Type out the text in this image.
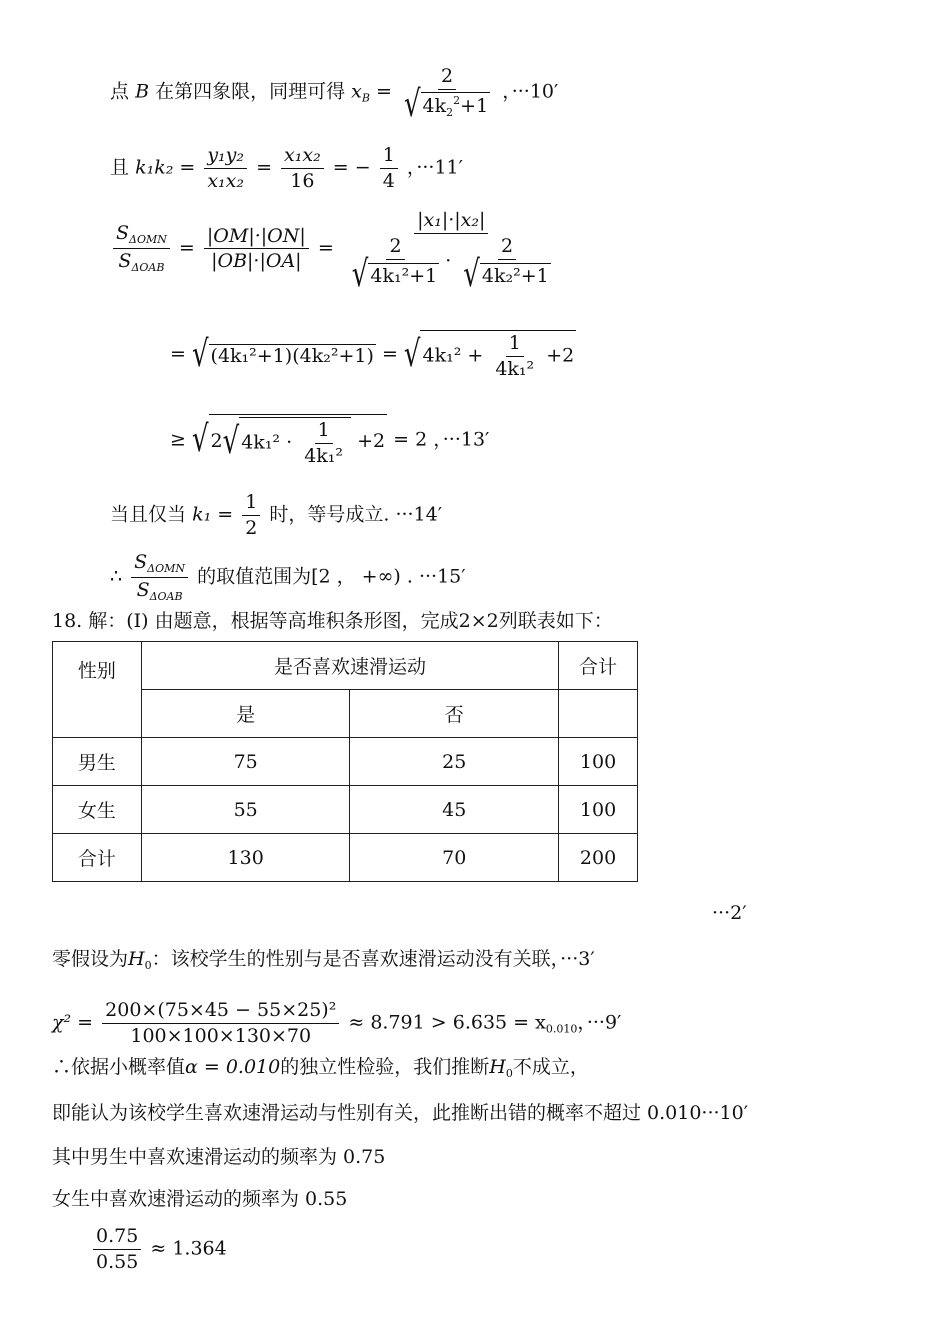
点 B 在第四象限，同理可得 $x_B = \frac{2}{√ 4k_2^2+1}$ ，···10′
且 $k_1k_2 = \frac{\text{y₁y₂}}{\text{x₁x₂}} = \frac{\text{x₁x₂}}{16}$ = − $\frac{1}{4}$ ，···11′
$\frac{S_{\Delta OMN}}{S_{\Delta OAB}} = \frac{|OM|\cdot|ON|}{|OB|\cdot|OA|} = \frac{\text{|x₁|·|x₂|}}{\frac{2}{\text{√ 4k₁²+1}} \cdot \frac{2}{\text{√ 4k₂²+1}}}$
= √ (4k₁²+1)(4k₂²+1) = √ $4k_1^2 + \frac{1}{\text{4k₁²}} +2$
≥ √ 2√ $4k_1^2 \cdot \frac{1}{\text{4k₁²}} +2 = 2$ ，···13′
当且仅当 $k_1 = \frac{1}{2}$ 时，等号成立. ···14′
∴ $\frac{S_{\Delta OMN}}{S_{\Delta OAB}}$ 的取值范围为[2 ， +∞) . ···15′
18. 解：(Ⅰ) 由题意，根据等高堆积条形图，完成2×2列联表如下：
性别	是否喜欢速滑运动		合计
	是	否	
男生	75	25	100
女生	55	45	100
合计	130	70	200
···2′
零假设为$H_0$：该校学生的性别与是否喜欢速滑运动没有关联，···3′
$\chi^2 = \frac{\text{200×(75×45 − 55×25)²}}{100\times 100\times 130\times 70} \approx 8.791 > 6.635 = x_{0.010}$，···9′
∴依据小概率值α = 0.010的独立性检验，我们推断$H_0$不成立，
即能认为该校学生喜欢速滑运动与性别有关，此推断出错的概率不超过 0.010···10′
其中男生中喜欢速滑运动的频率为 0.75
女生中喜欢速滑运动的频率为 0.55
$\frac{0.75}{0.55} \approx 1.364$
